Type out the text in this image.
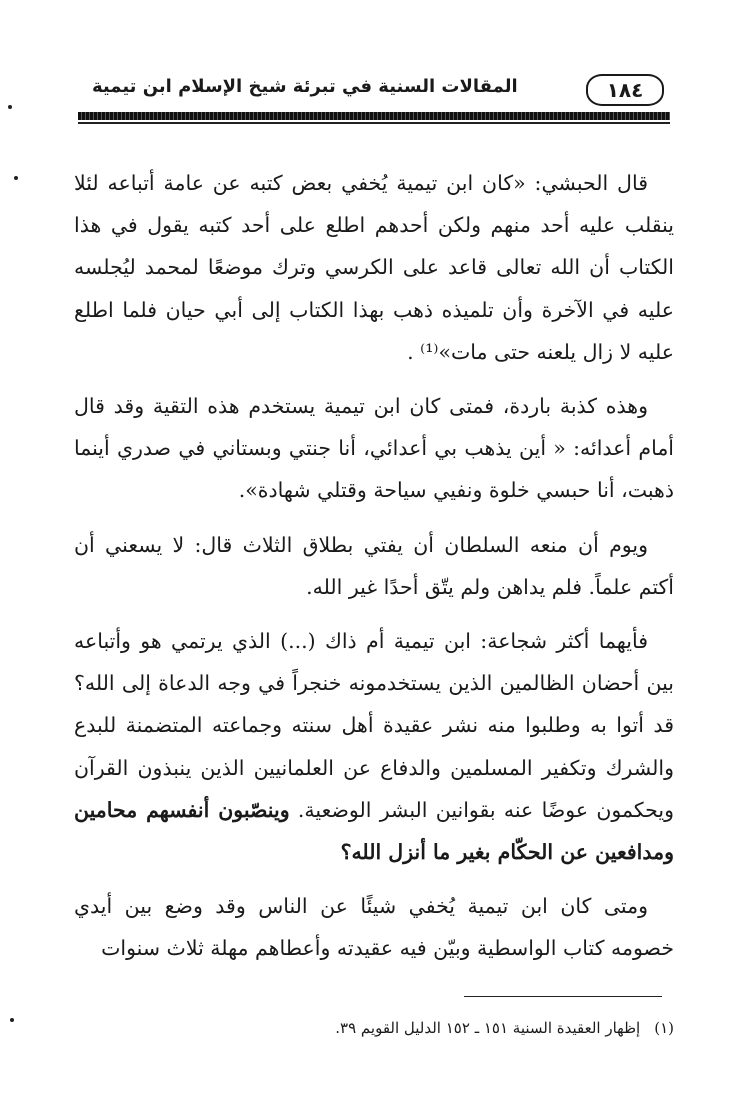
١٨٤
المقالات السنية في تبرئة شيخ الإسلام ابن تيمية

قال الحبشي: «كان ابن تيمية يُخفي بعض كتبه عن عامة أتباعه لئلا ينقلب عليه أحد منهم ولكن أحدهم اطلع على أحد كتبه يقول في هذا الكتاب أن الله تعالى قاعد على الكرسي وترك موضعًا لمحمد ليُجلسه عليه في الآخرة وأن تلميذه ذهب بهذا الكتاب إلى أبي حيان فلما اطلع عليه لا زال يلعنه حتى مات»⁽¹⁾ .

وهذه كذبة باردة، فمتى كان ابن تيمية يستخدم هذه التقية وقد قال أمام أعدائه: « أين يذهب بي أعدائي، أنا جنتي وبستاني في صدري أينما ذهبت، أنا حبسي خلوة ونفيي سياحة وقتلي شهادة».

ويوم أن منعه السلطان أن يفتي بطلاق الثلاث قال: لا يسعني أن أكتم علماً. فلم يداهن ولم يتّق أحدًا غير الله.

فأيهما أكثر شجاعة: ابن تيمية أم ذاك (...) الذي يرتمي هو وأتباعه بين أحضان الظالمين الذين يستخدمونه خنجراً في وجه الدعاة إلى الله؟ قد أتوا به وطلبوا منه نشر عقيدة أهل سنته وجماعته المتضمنة للبدع والشرك وتكفير المسلمين والدفاع عن العلمانيين الذين ينبذون القرآن ويحكمون عوضًا عنه بقوانين البشر الوضعية. وينصّبون أنفسهم محامين ومدافعين عن الحكّام بغير ما أنزل الله؟

ومتى كان ابن تيمية يُخفي شيئًا عن الناس وقد وضع بين أيدي خصومه كتاب الواسطية وبيّن فيه عقيدته وأعطاهم مهلة ثلاث سنوات

(١)إظهار العقيدة السنية ١٥١ ـ ١٥٢ الدليل القويم ٣٩.
